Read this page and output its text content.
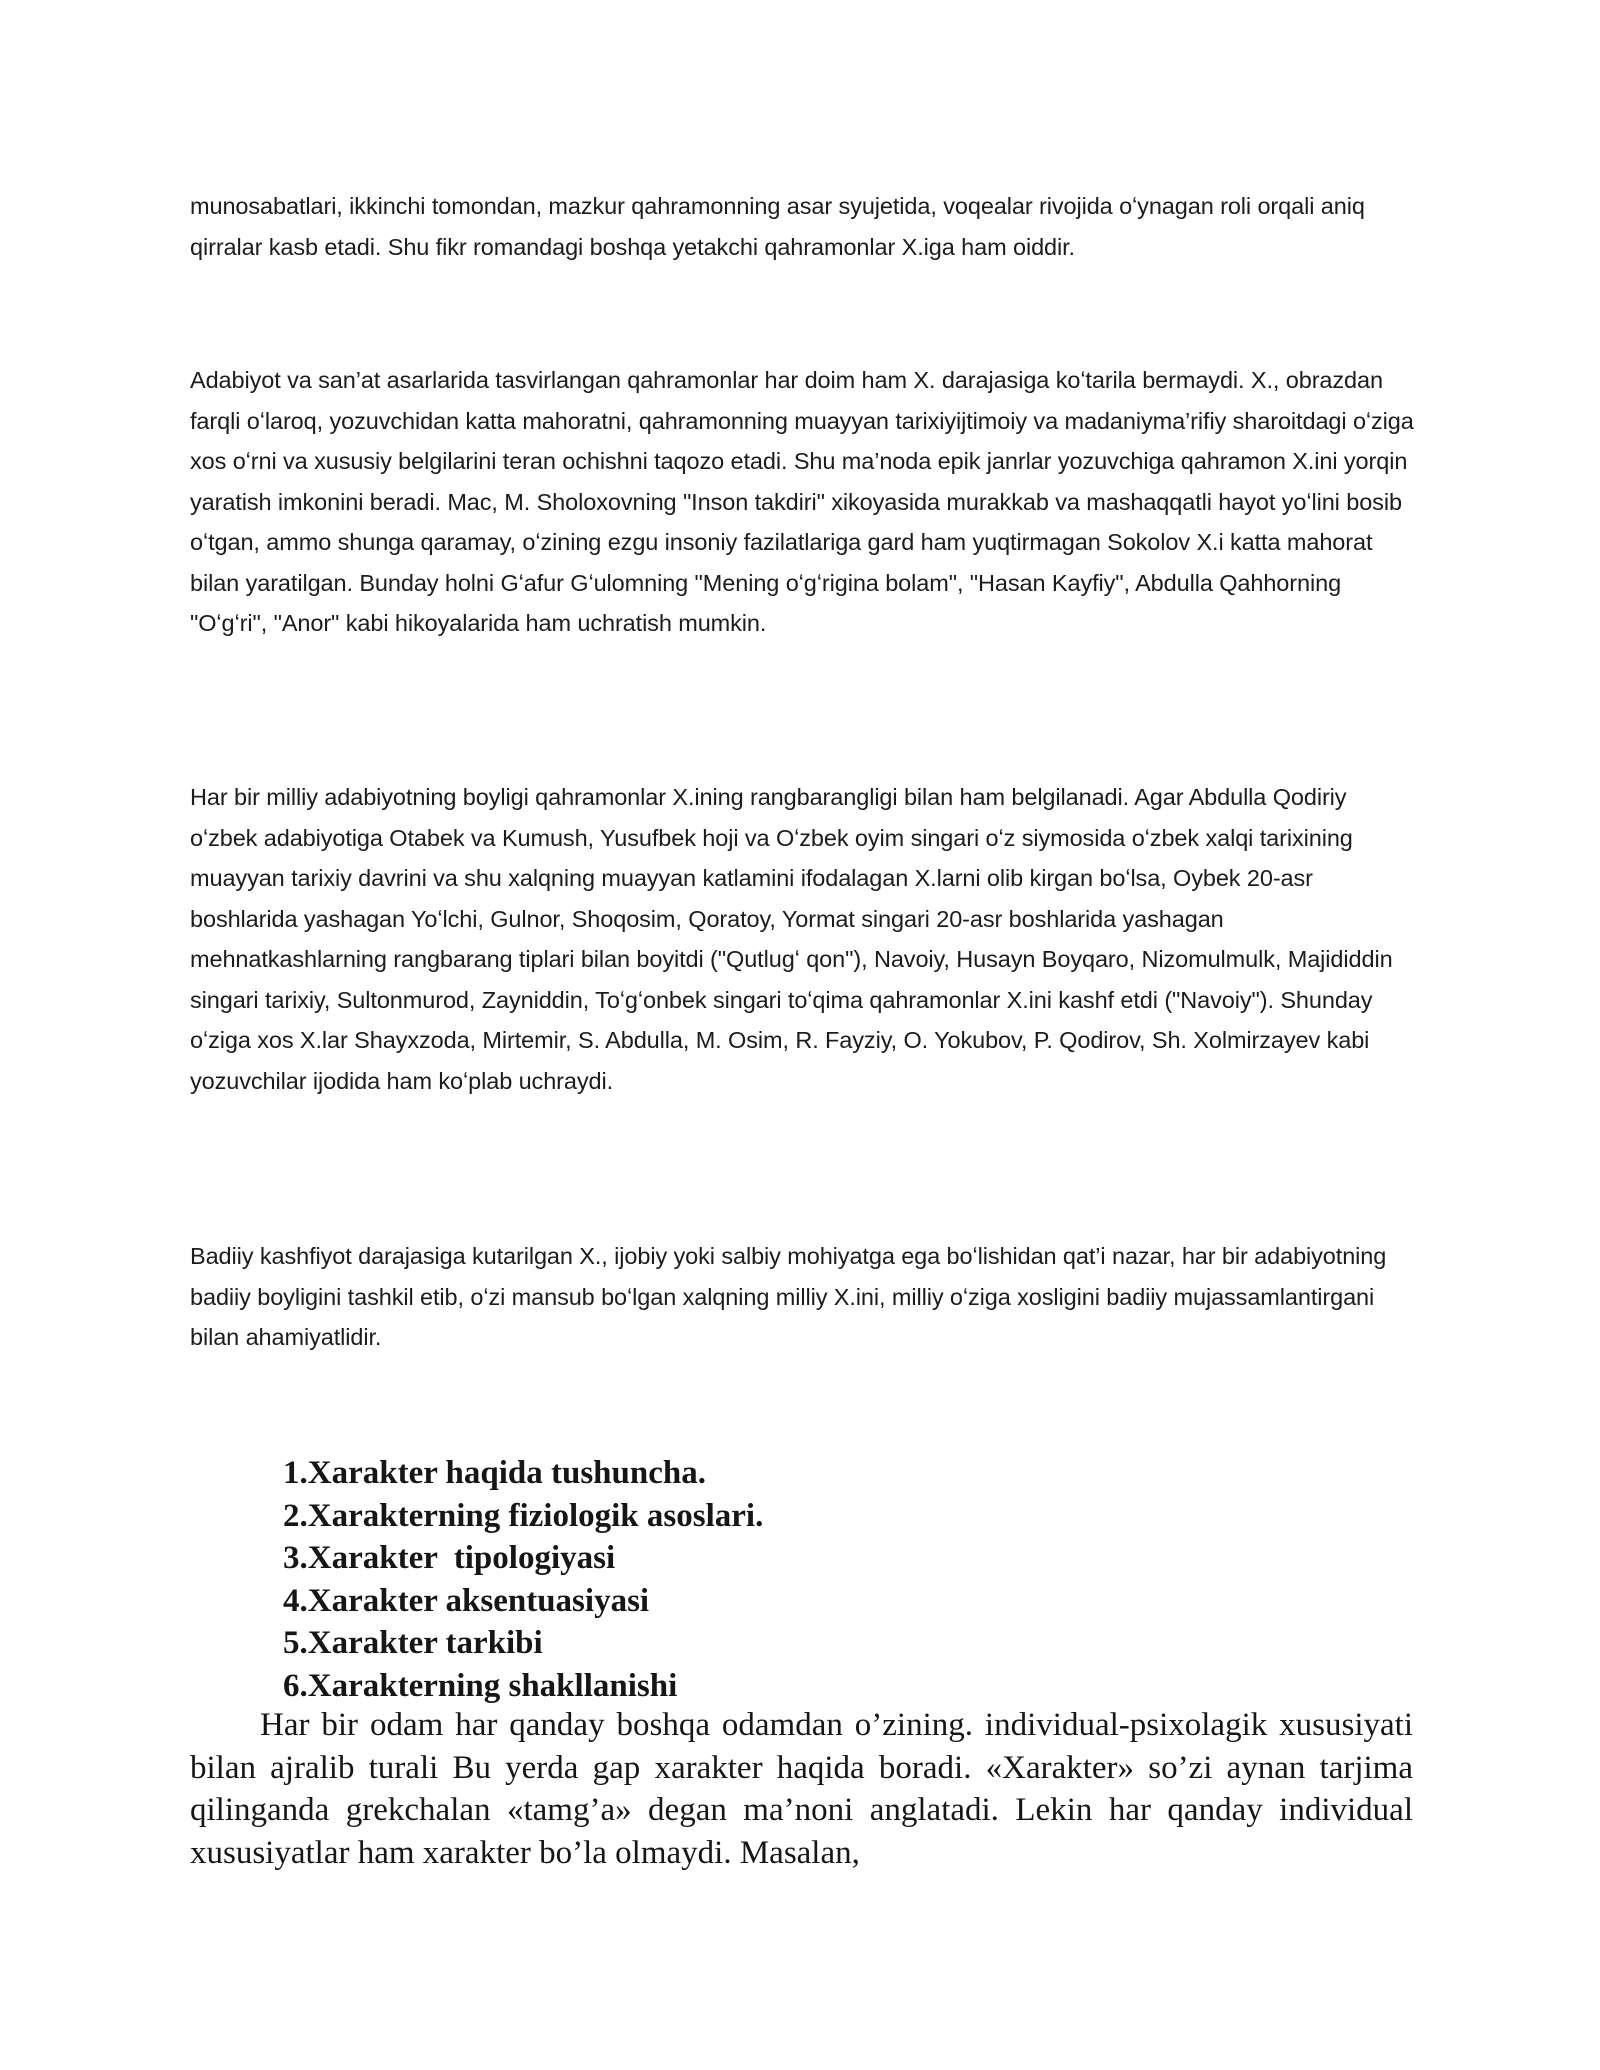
munosabatlari, ikkinchi tomondan, mazkur qahramonning asar syujetida, voqealar rivojida oʻynagan roli orqali aniq qirralar kasb etadi. Shu fikr romandagi boshqa yetakchi qahramonlar X.iga ham oiddir.

Adabiyot va san’at asarlarida tasvirlangan qahramonlar har doim ham X. darajasiga koʻtarila bermaydi. X., obrazdan farqli oʻlaroq, yozuvchidan katta mahoratni, qahramonning muayyan tarixiyijtimoiy va madaniyma’rifiy sharoitdagi oʻziga xos oʻrni va xususiy belgilarini teran ochishni taqozo etadi. Shu ma’noda epik janrlar yozuvchiga qahramon X.ini yorqin yaratish imkonini beradi. Mac, M. Sholoxovning "Inson takdiri" xikoyasida murakkab va mashaqqatli hayot yoʻlini bosib oʻtgan, ammo shunga qaramay, oʻzining ezgu insoniy fazilatlariga gard ham yuqtirmagan Sokolov X.i katta mahorat bilan yaratilgan. Bunday holni Gʻafur Gʻulomning "Mening oʻgʻrigina bolam", "Hasan Kayfiy", Abdulla Qahhorning "Oʻgʻri", "Anor" kabi hikoyalarida ham uchratish mumkin.

Har bir milliy adabiyotning boyligi qahramonlar X.ining rangbarangligi bilan ham belgilanadi. Agar Abdulla Qodiriy oʻzbek adabiyotiga Otabek va Kumush, Yusufbek hoji va Oʻzbek oyim singari oʻz siymosida oʻzbek xalqi tarixining muayyan tarixiy davrini va shu xalqning muayyan katlamini ifodalagan X.larni olib kirgan boʻlsa, Oybek 20-asr boshlarida yashagan Yoʻlchi, Gulnor, Shoqosim, Qoratoy, Yormat singari 20-asr boshlarida yashagan mehnatkashlarning rangbarang tiplari bilan boyitdi ("Qutlugʻ qon"), Navoiy, Husayn Boyqaro, Nizomulmulk, Majididdin singari tarixiy, Sultonmurod, Zayniddin, Toʻgʻonbek singari toʻqima qahramonlar X.ini kashf etdi ("Navoiy"). Shunday oʻziga xos X.lar Shayxzoda, Mirtemir, S. Abdulla, M. Osim, R. Fayziy, O. Yokubov, P. Qodirov, Sh. Xolmirzayev kabi yozuvchilar ijodida ham koʻplab uchraydi.

Badiiy kashfiyot darajasiga kutarilgan X., ijobiy yoki salbiy mohiyatga ega boʻlishidan qat’i nazar, har bir adabiyotning badiiy boyligini tashkil etib, oʻzi mansub boʻlgan xalqning milliy X.ini, milliy oʻziga xosligini badiiy mujassamlantirgani bilan ahamiyatlidir.

1.Xarakter haqida tushuncha.
2.Xarakterning fiziologik asoslari.
3.Xarakter  tipologiyasi
4.Xarakter aksentuasiyasi
5.Xarakter tarkibi
6.Xarakterning shakllanishi

Har bir odam har qanday boshqa odamdan o’zining. individual-psixolagik xususiyati bilan ajralib turali Bu yerda gap xarakter haqida boradi. «Xarakter» so’zi aynan tarjima qilinganda grekchalan «tamg’a» degan ma’noni anglatadi. Lekin har qanday individual xususiyatlar ham xarakter bo’la olmaydi. Masalan,
